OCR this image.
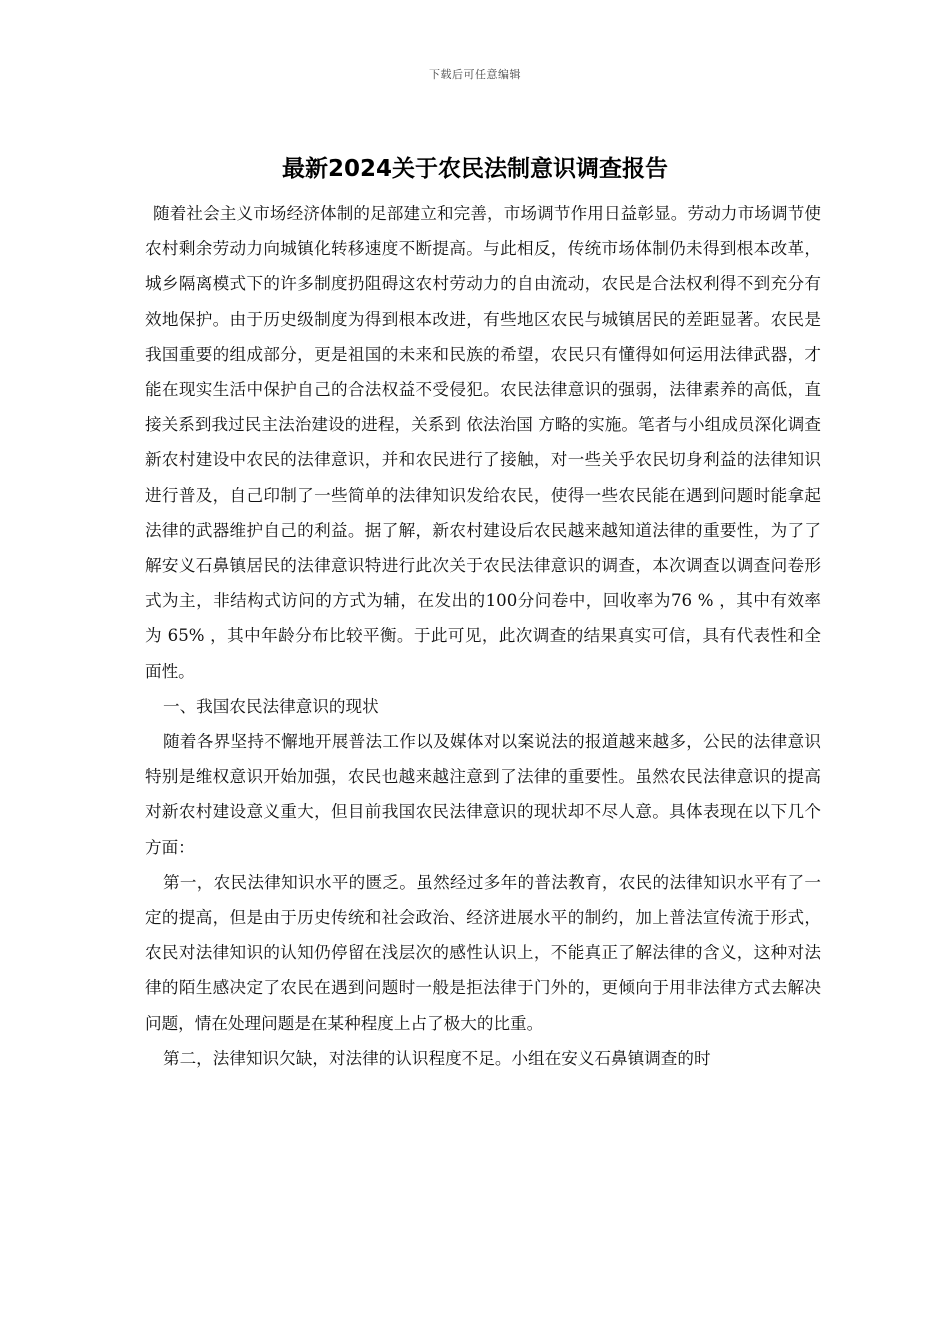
下载后可任意编辑
最新2024关于农民法制意识调查报告

随着社会主义市场经济体制的足部建立和完善，市场调节作用日益彰显。劳动力市场调节使农村剩余劳动力向城镇化转移速度不断提高。与此相反，传统市场体制仍未得到根本改革，城乡隔离模式下的许多制度扔阻碍这农村劳动力的自由流动，农民是合法权利得不到充分有效地保护。由于历史级制度为得到根本改进，有些地区农民与城镇居民的差距显著。农民是我国重要的组成部分，更是祖国的未来和民族的希望，农民只有懂得如何运用法律武器，才能在现实生活中保护自己的合法权益不受侵犯。农民法律意识的强弱，法律素养的高低，直接关系到我过民主法治建设的进程，关系到 依法治国 方略的实施。笔者与小组成员深化调查新农村建设中农民的法律意识，并和农民进行了接触，对一些关乎农民切身利益的法律知识进行普及，自己印制了一些简单的法律知识发给农民，使得一些农民能在遇到问题时能拿起法律的武器维护自己的利益。据了解，新农村建设后农民越来越知道法律的重要性，为了了解安义石鼻镇居民的法律意识特进行此次关于农民法律意识的调查，本次调查以调查问卷形式为主，非结构式访问的方式为辅，在发出的100分问卷中，回收率为76 % ，其中有效率为 65% ，其中年龄分布比较平衡。于此可见，此次调查的结果真实可信，具有代表性和全面性。

一、我国农民法律意识的现状

随着各界坚持不懈地开展普法工作以及媒体对以案说法的报道越来越多，公民的法律意识特别是维权意识开始加强，农民也越来越注意到了法律的重要性。虽然农民法律意识的提高对新农村建设意义重大，但目前我国农民法律意识的现状却不尽人意。具体表现在以下几个方面：

第一，农民法律知识水平的匮乏。虽然经过多年的普法教育，农民的法律知识水平有了一定的提高，但是由于历史传统和社会政治、经济进展水平的制约，加上普法宣传流于形式，农民对法律知识的认知仍停留在浅层次的感性认识上，不能真正了解法律的含义，这种对法律的陌生感决定了农民在遇到问题时一般是拒法律于门外的，更倾向于用非法律方式去解决问题，情在处理问题是在某种程度上占了极大的比重。

第二，法律知识欠缺，对法律的认识程度不足。小组在安义石鼻镇调查的时
